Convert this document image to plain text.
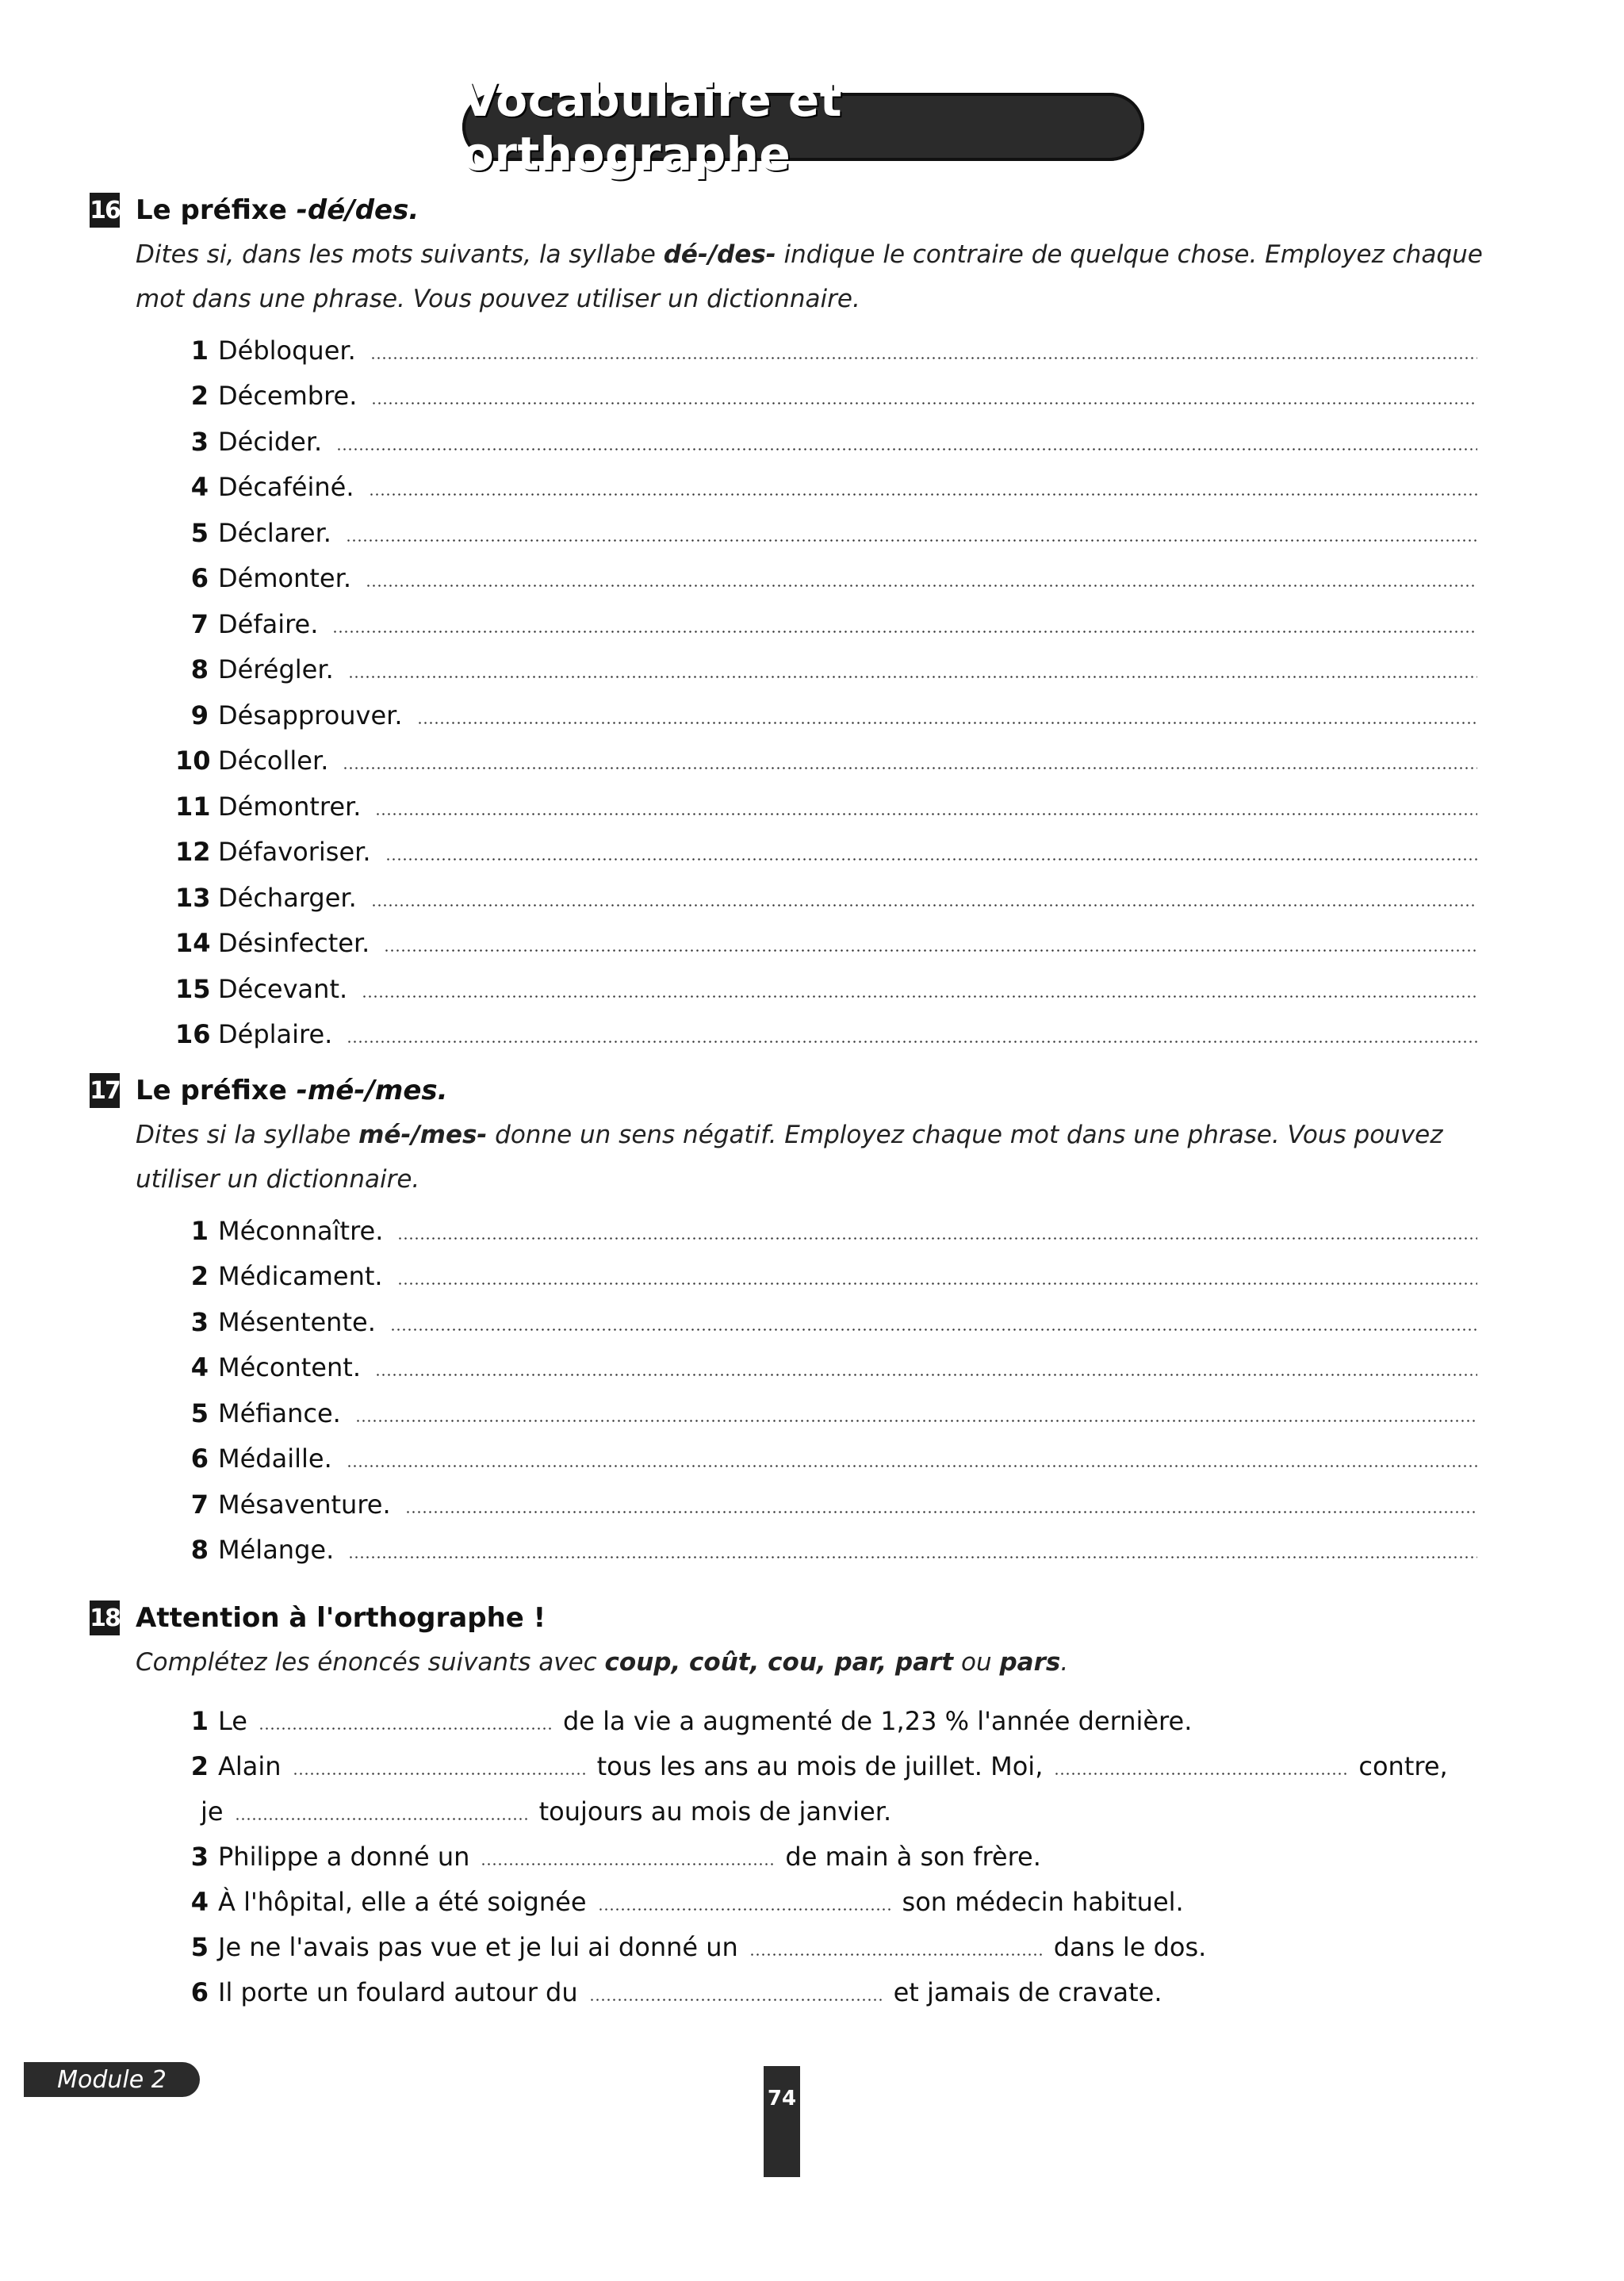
Vocabulaire et orthographe
16 Le préfixe -dé/des.
Dites si, dans les mots suivants, la syllabe dé-/des- indique le contraire de quelque chose. Employez chaque mot dans une phrase. Vous pouvez utiliser un dictionnaire.
1 Débloquer.
2 Décembre.
3 Décider.
4 Décaféiné.
5 Déclarer.
6 Démonter.
7 Défaire.
8 Dérégler.
9 Désapprouver.
10 Décoller.
11 Démontrer.
12 Défavoriser.
13 Décharger.
14 Désinfecter.
15 Décevant.
16 Déplaire.
17 Le préfixe -mé-/mes.
Dites si la syllabe mé-/mes- donne un sens négatif. Employez chaque mot dans une phrase. Vous pouvez utiliser un dictionnaire.
1 Méconnaître.
2 Médicament.
3 Mésentente.
4 Mécontent.
5 Méfiance.
6 Médaille.
7 Mésaventure.
8 Mélange.
18 Attention à l'orthographe !
Complétez les énoncés suivants avec coup, coût, cou, par, part ou pars.
1 Le	de la vie a augmenté de 1,23 % l'année dernière.
2 Alain	tous les ans au mois de juillet. Moi,	contre,
je	toujours au mois de janvier.
3 Philippe a donné un	de main à son frère.
4 À l'hôpital, elle a été soignée	son médecin habituel.
5 Je ne l'avais pas vue et je lui ai donné un	dans le dos.
6 Il porte un foulard autour du	et jamais de cravate.
Module 2
74
